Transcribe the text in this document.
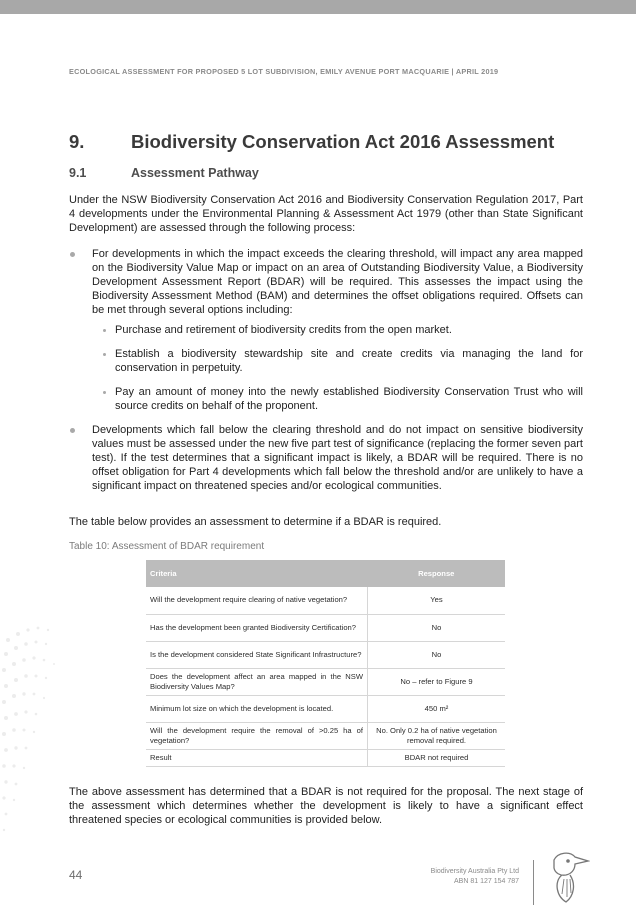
ECOLOGICAL ASSESSMENT FOR PROPOSED 5 LOT SUBDIVISION, EMILY AVENUE PORT MACQUARIE | APRIL 2019
9.	Biodiversity Conservation Act 2016 Assessment
9.1	Assessment Pathway
Under the NSW Biodiversity Conservation Act 2016 and Biodiversity Conservation Regulation 2017, Part 4 developments under the Environmental Planning & Assessment Act 1979 (other than State Significant Development) are assessed through the following process:
For developments in which the impact exceeds the clearing threshold, will impact any area mapped on the Biodiversity Value Map or impact on an area of Outstanding Biodiversity Value, a Biodiversity Development Assessment Report (BDAR) will be required. This assesses the impact using the Biodiversity Assessment Method (BAM) and determines the offset obligations required. Offsets can be met through several options including:
Purchase and retirement of biodiversity credits from the open market.
Establish a biodiversity stewardship site and create credits via managing the land for conservation in perpetuity.
Pay an amount of money into the newly established Biodiversity Conservation Trust who will source credits on behalf of the proponent.
Developments which fall below the clearing threshold and do not impact on sensitive biodiversity values must be assessed under the new five part test of significance (replacing the former seven part test). If the test determines that a significant impact is likely, a BDAR will be required. There is no offset obligation for Part 4 developments which fall below the threshold and/or are unlikely to have a significant impact on threatened species and/or ecological communities.
The table below provides an assessment to determine if a BDAR is required.
Table 10: Assessment of BDAR requirement
Criteria	Response
Will the development require clearing of native vegetation?	Yes
Has the development been granted Biodiversity Certification?	No
Is the development considered State Significant Infrastructure?	No
Does the development affect an area mapped in the NSW Biodiversity Values Map?	No – refer to Figure 9
Minimum lot size on which the development is located.	450 m²
Will the development require the removal of >0.25 ha of vegetation?	No. Only 0.2 ha of native vegetation removal required.
Result	BDAR not required
The above assessment has determined that a BDAR is not required for the proposal. The next stage of the assessment which determines whether the development is likely to have a significant effect threatened species or ecological communities is provided below.
44	Biodiversity Australia Pty Ltd
ABN 81 127 154 787
